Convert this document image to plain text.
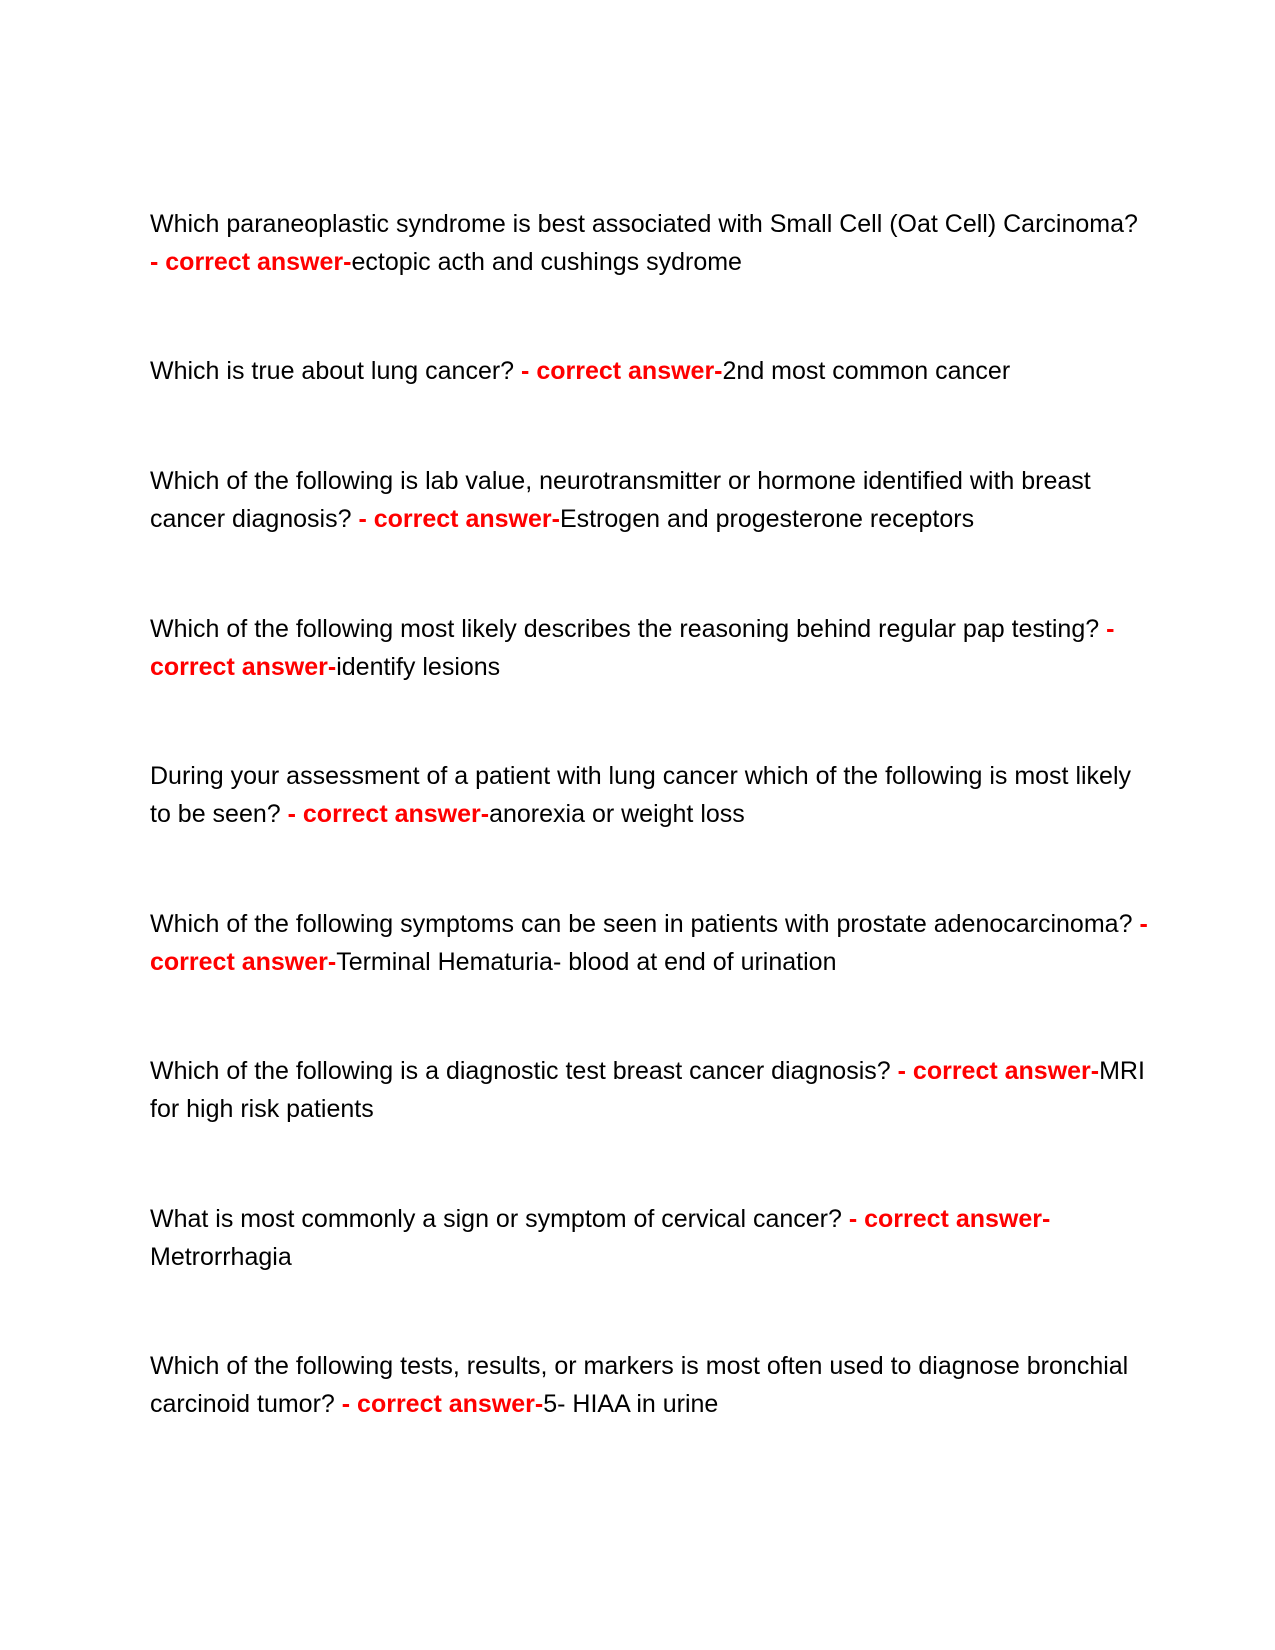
Which paraneoplastic syndrome is best associated with Small Cell (Oat Cell) Carcinoma? - correct answer-ectopic acth and cushings sydrome

Which is true about lung cancer? - correct answer-2nd most common cancer

Which of the following is lab value, neurotransmitter or hormone identified with breast cancer diagnosis? - correct answer-Estrogen and progesterone receptors

Which of the following most likely describes the reasoning behind regular pap testing? - correct answer-identify lesions

During your assessment of a patient with lung cancer which of the following is most likely to be seen? - correct answer-anorexia or weight loss

Which of the following symptoms can be seen in patients with prostate adenocarcinoma? - correct answer-Terminal Hematuria- blood at end of urination

Which of the following is a diagnostic test breast cancer diagnosis? - correct answer-MRI for high risk patients

What is most commonly a sign or symptom of cervical cancer? - correct answer-Metrorrhagia

Which of the following tests, results, or markers is most often used to diagnose bronchial carcinoid tumor? - correct answer-5- HIAA in urine
